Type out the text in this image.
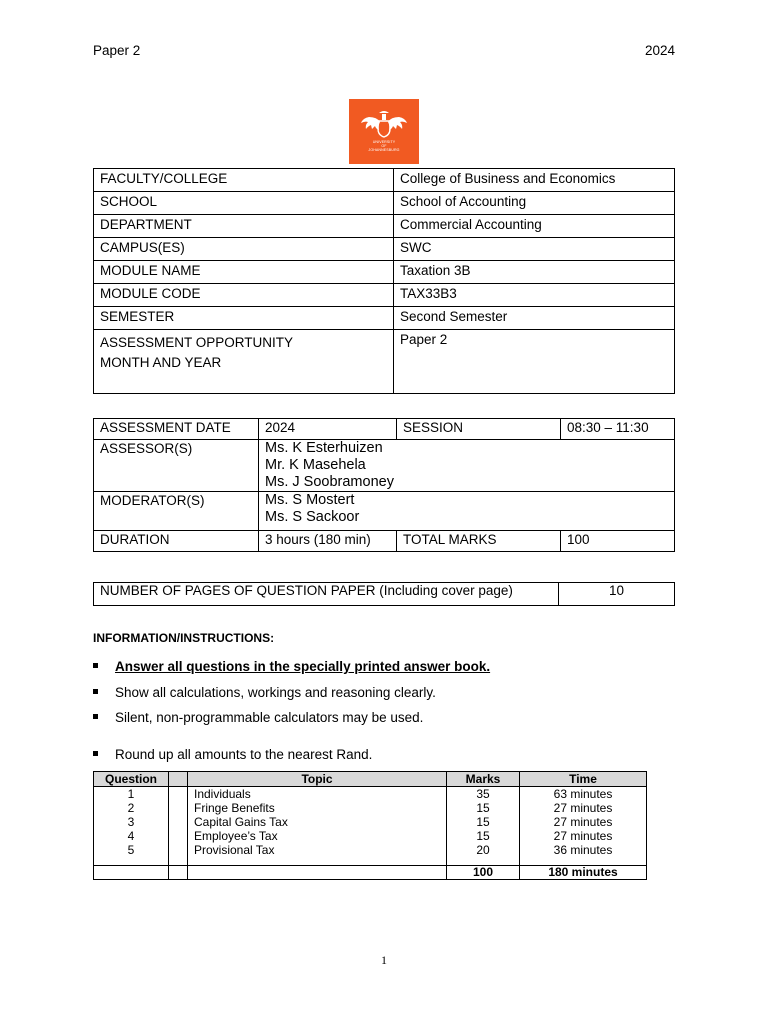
Paper 2	2024
UNIVERSITY
OF
JOHANNESBURG
FACULTY/COLLEGE	College of Business and Economics
SCHOOL	School of Accounting
DEPARTMENT	Commercial Accounting
CAMPUS(ES)	SWC
MODULE NAME	Taxation 3B
MODULE CODE	TAX33B3
SEMESTER	Second Semester

ASSESSMENT OPPORTUNITY
MONTH AND YEAR	Paper 2
ASSESSMENT DATE	2024	SESSION	08:30 – 11:30
ASSESSOR(S)	Ms. K Esterhuizen
Mr. K Masehela
Ms. J Soobramoney		

MODERATOR(S)	Ms. S Mostert
Ms. S Sackoor		

DURATION	3 hours (180 min)	TOTAL MARKS	100
NUMBER OF PAGES OF QUESTION PAPER (Including cover page)	10
INFORMATION/INSTRUCTIONS:
Answer all questions in the specially printed answer book.
Show all calculations, workings and reasoning clearly.
Silent, non-programmable calculators may be used.
Round up all amounts to the nearest Rand.
Question		Topic	Marks	Time
1		Individuals	35	63 minutes
2		Fringe Benefits	15	27 minutes
3		Capital Gains Tax	15	27 minutes
4		Employee’s Tax	15	27 minutes
5		Provisional Tax	20	36 minutes
			100	180 minutes
1
